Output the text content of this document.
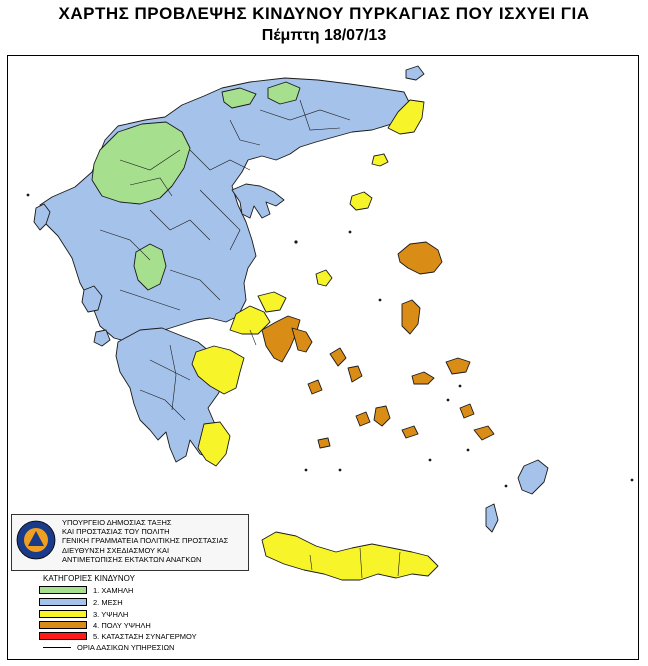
ΧΑΡΤΗΣ ΠΡΟΒΛΕΨΗΣ ΚΙΝΔΥΝΟΥ ΠΥΡΚΑΓΙΑΣ ΠΟΥ ΙΣΧΥΕΙ ΓΙΑ
Πέμπτη 18/07/13
ΥΠΟΥΡΓΕΙΟ ΔΗΜΟΣΙΑΣ ΤΑΞΗΣ
ΚΑΙ ΠΡΟΣΤΑΣΙΑΣ ΤΟΥ ΠΟΛΙΤΗ
ΓΕΝΙΚΗ ΓΡΑΜΜΑΤΕΙΑ ΠΟΛΙΤΙΚΗΣ ΠΡΟΣΤΑΣΙΑΣ
ΔΙΕΥΘΥΝΣΗ ΣΧΕΔΙΑΣΜΟΥ ΚΑΙ
ΑΝΤΙΜΕΤΩΠΙΣΗΣ ΕΚΤΑΚΤΩΝ ΑΝΑΓΚΩΝ
ΚΑΤΗΓΟΡΙΕΣ ΚΙΝΔΥΝΟΥ
1. ΧΑΜΗΛΗ
2. ΜΕΣΗ
3. ΥΨΗΛΗ
4. ΠΟΛΥ ΥΨΗΛΗ
5. ΚΑΤΑΣΤΑΣΗ ΣΥΝΑΓΕΡΜΟΥ
ΟΡΙΑ ΔΑΣΙΚΩΝ ΥΠΗΡΕΣΙΩΝ
